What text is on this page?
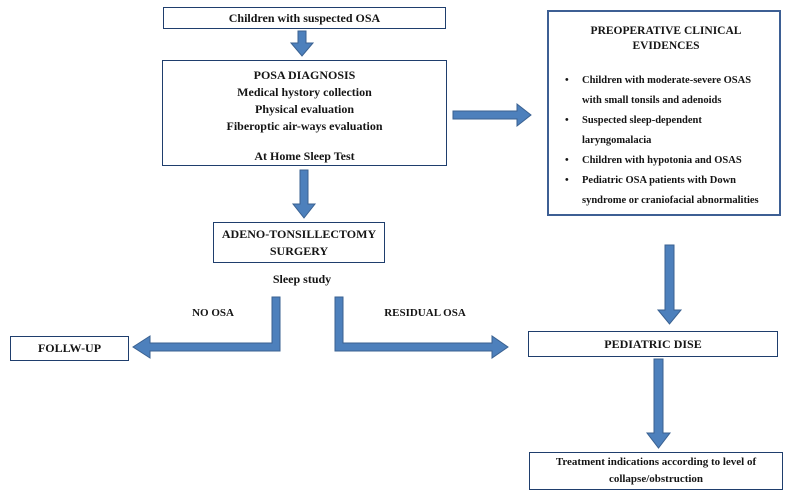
Children with suspected OSA
POSA DIAGNOSIS
Medical hystory collection
Physical evaluation
Fiberoptic air-ways evaluation
At Home Sleep Test
PREOPERATIVE CLINICAL EVIDENCES
•	Children with moderate-severe OSAS with small tonsils and adenoids
•	Suspected sleep-dependent laryngomalacia
•	Children with hypotonia and OSAS
•	Pediatric OSA patients with Down syndrome or craniofacial abnormalities
ADENO-TONSILLECTOMY
SURGERY
Sleep study
NO OSA	RESIDUAL OSA
FOLLW-UP	PEDIATRIC DISE
Treatment indications according to level of collapse/obstruction
